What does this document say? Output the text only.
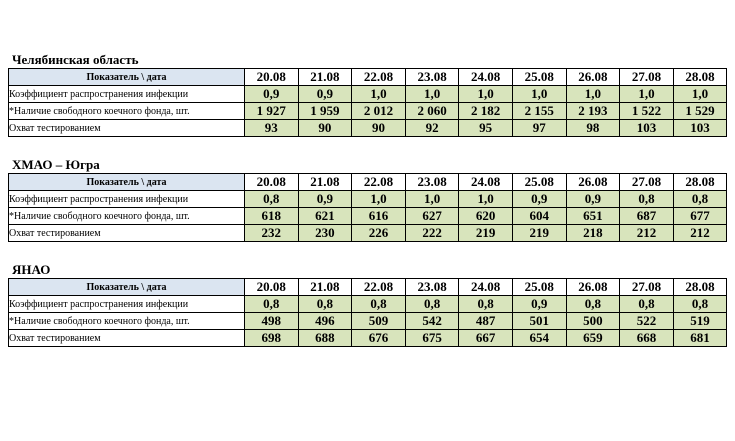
Челябинская область
Показатель \ дата	20.08	21.08	22.08	23.08	24.08	25.08	26.08	27.08	28.08
Коэффициент распространения инфекции	0,9	0,9	1,0	1,0	1,0	1,0	1,0	1,0	1,0
*Наличие свободного коечного фонда, шт.	1 927	1 959	2 012	2 060	2 182	2 155	2 193	1 522	1 529
Охват тестированием	93	90	90	92	95	97	98	103	103
ХМАО – Югра
Показатель \ дата	20.08	21.08	22.08	23.08	24.08	25.08	26.08	27.08	28.08
Коэффициент распространения инфекции	0,8	0,9	1,0	1,0	1,0	0,9	0,9	0,8	0,8
*Наличие свободного коечного фонда, шт.	618	621	616	627	620	604	651	687	677
Охват тестированием	232	230	226	222	219	219	218	212	212
ЯНАО
Показатель \ дата	20.08	21.08	22.08	23.08	24.08	25.08	26.08	27.08	28.08
Коэффициент распространения инфекции	0,8	0,8	0,8	0,8	0,8	0,9	0,8	0,8	0,8
*Наличие свободного коечного фонда, шт.	498	496	509	542	487	501	500	522	519
Охват тестированием	698	688	676	675	667	654	659	668	681
